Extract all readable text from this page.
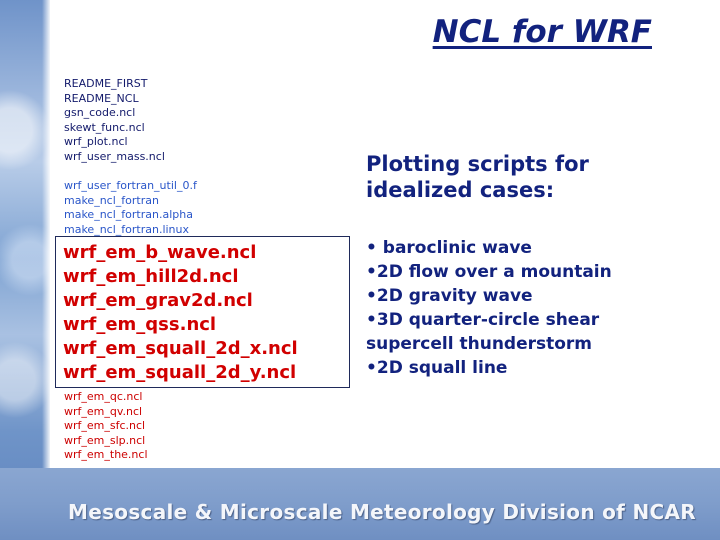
NCL for WRF
README_FIRST
README_NCL
gsn_code.ncl
skewt_func.ncl
wrf_plot.ncl
wrf_user_mass.ncl
wrf_user_fortran_util_0.f
make_ncl_fortran
make_ncl_fortran.alpha
make_ncl_fortran.linux
wrf_em_qc.ncl
wrf_em_qv.ncl
wrf_em_sfc.ncl
wrf_em_slp.ncl
wrf_em_the.ncl
wrf_em_b_wave.ncl
wrf_em_hill2d.ncl
wrf_em_grav2d.ncl
wrf_em_qss.ncl
wrf_em_squall_2d_x.ncl
wrf_em_squall_2d_y.ncl
Plotting scripts for
idealized cases:
• baroclinic wave
•2D flow over a mountain
•2D gravity wave
•3D quarter-circle shear
supercell thunderstorm
•2D squall line
Mesoscale & Microscale Meteorology Division of NCAR
